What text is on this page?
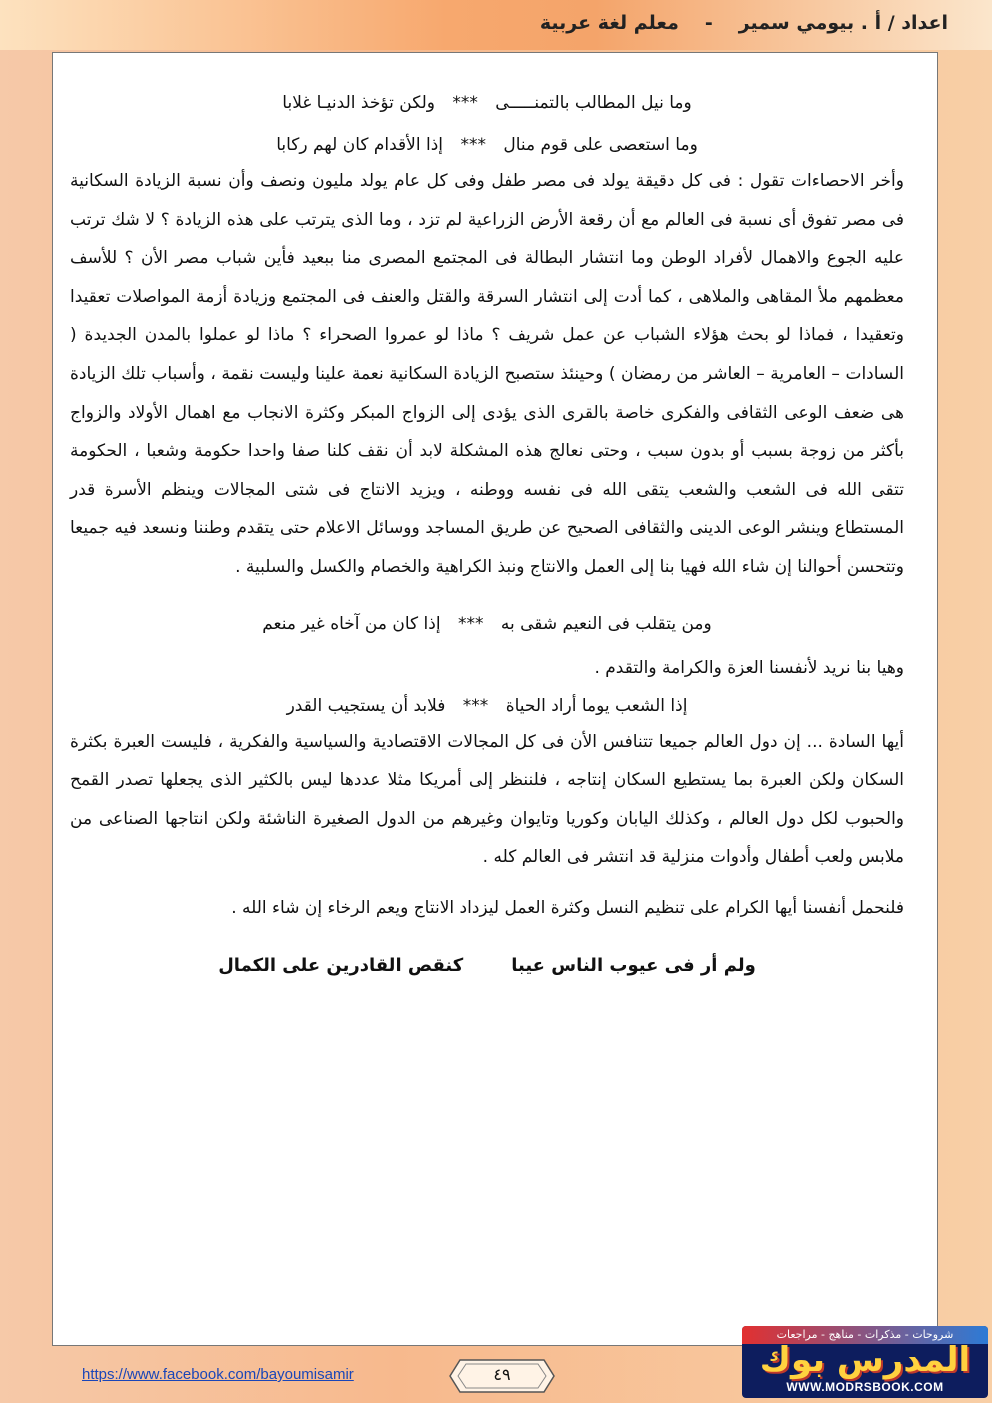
اعداد / أ . بيومي سمير-معلم لغة عربية

وما نيل المطالب بالتمنـــــى *** ولكن تؤخذ الدنيـا غلابا

وما استعصى على قوم منال *** إذا الأقدام كان لهم ركابا

وأخر الاحصاءات تقول : فى كل دقيقة يولد فى مصر طفل وفى كل عام يولد مليون ونصف وأن نسبة الزيادة السكانية فى مصر تفوق أى نسبة فى العالم مع أن رقعة الأرض الزراعية لم تزد ، وما الذى يترتب على هذه الزيادة ؟ لا شك ترتب عليه الجوع والاهمال لأفراد الوطن وما انتشار البطالة فى المجتمع المصرى منا ببعيد فأين شباب مصر الأن ؟ للأسف معظمهم ملأ المقاهى والملاهى ، كما أدت إلى انتشار السرقة والقتل والعنف فى المجتمع وزيادة أزمة المواصلات تعقيدا وتعقيدا ، فماذا لو بحث هؤلاء الشباب عن عمل شريف ؟ ماذا لو عمروا الصحراء ؟ ماذا لو عملوا بالمدن الجديدة ( السادات – العامرية – العاشر من رمضان ) وحينئذ ستصبح الزيادة السكانية نعمة علينا وليست نقمة ، وأسباب تلك الزيادة هى ضعف الوعى الثقافى والفكرى خاصة بالقرى الذى يؤدى إلى الزواج المبكر وكثرة الانجاب مع اهمال الأولاد والزواج بأكثر من زوجة بسبب أو بدون سبب ، وحتى نعالج هذه المشكلة لابد أن نقف كلنا صفا واحدا حكومة وشعبا ، الحكومة تتقى الله فى الشعب والشعب يتقى الله فى نفسه ووطنه ، ويزيد الانتاج فى شتى المجالات وينظم الأسرة قدر المستطاع وينشر الوعى الدينى والثقافى الصحيح عن طريق المساجد ووسائل الاعلام حتى يتقدم وطننا ونسعد فيه جميعا وتتحسن أحوالنا إن شاء الله فهيا بنا إلى العمل والانتاج ونبذ الكراهية والخصام والكسل والسلبية .

ومن يتقلب فى النعيم شقى به *** إذا كان من آخاه غير منعم

وهيا بنا نريد لأنفسنا العزة والكرامة والتقدم .

إذا الشعب يوما أراد الحياة *** فلابد أن يستجيب القدر

أيها السادة ... إن دول العالم جميعا تتنافس الأن فى كل المجالات الاقتصادية والسياسية والفكرية ، فليست العبرة بكثرة السكان ولكن العبرة بما يستطيع السكان إنتاجه ، فلننظر إلى أمريكا مثلا عددها ليس بالكثير الذى يجعلها تصدر القمح والحبوب لكل دول العالم ، وكذلك اليابان وكوريا وتايوان وغيرهم من الدول الصغيرة الناشئة ولكن انتاجها الصناعى من ملابس ولعب أطفال وأدوات منزلية قد انتشر فى العالم كله .

فلنحمل أنفسنا أيها الكرام على تنظيم النسل وكثرة العمل ليزداد الانتاج ويعم الرخاء إن شاء الله .

ولم أر فى عيوب الناس عيباكنقص القادرين على الكمال

https://www.facebook.com/bayoumisamir	٤٩
شروحات - مذكرات - مناهج - مراجعات
المدرس بوك
WWW.MODRSBOOK.COM
